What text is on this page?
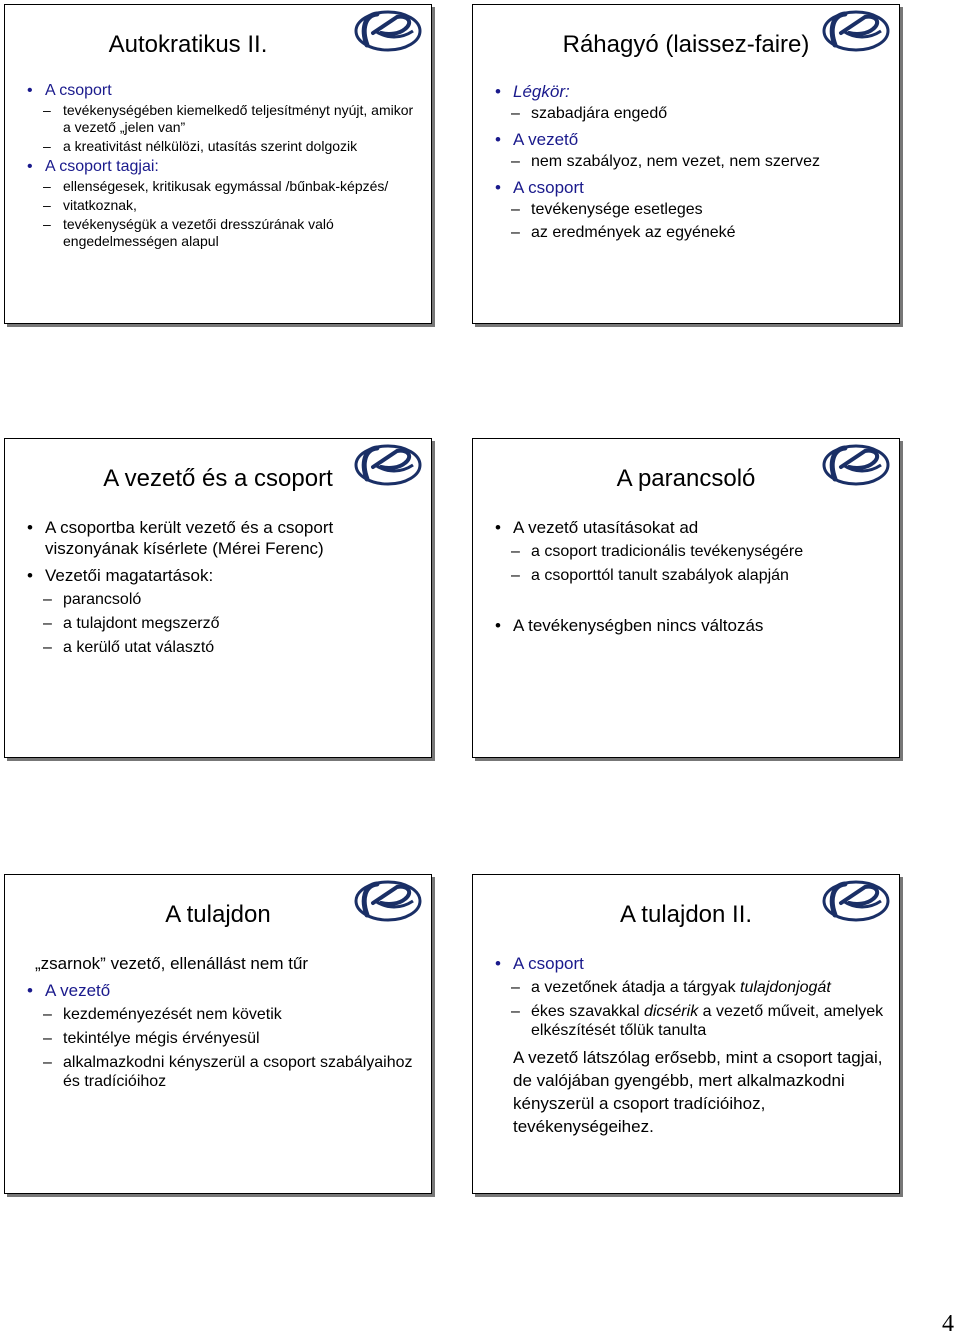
Autokratikus II.
• A csoport
– tevékenységében kiemelkedő teljesítményt nyújt, amikor a vezető „jelen van”
– a kreativitást nélkülözi, utasítás szerint dolgozik
• A csoport tagjai:
– ellenségesek, kritikusak egymással /bűnbak-képzés/
– vitatkoznak,
– tevékenységük a vezetői dresszúrának való engedelmességen alapul
Ráhagyó (laissez-faire)
• Légkör:
– szabadjára engedő
• A vezető
– nem szabályoz, nem vezet, nem szervez
• A csoport
– tevékenysége esetleges
– az eredmények az egyéneké
A vezető és a csoport
• A csoportba került vezető és a csoport viszonyának kísérlete (Mérei Ferenc)
• Vezetői magatartások:
– parancsoló
– a tulajdont megszerző
– a kerülő utat választó
A parancsoló
• A vezető utasításokat ad
– a csoport tradicionális tevékenységére
– a csoporttól tanult szabályok alapján
• A tevékenységben nincs változás
A tulajdon
„zsarnok” vezető, ellenállást nem tűr
• A vezető
– kezdeményezését nem követik
– tekintélye mégis érvényesül
– alkalmazkodni kényszerül a csoport szabályaihoz és tradícióihoz
A tulajdon II.
• A csoport
– a vezetőnek átadja a tárgyak tulajdonjogát
– ékes szavakkal dicsérik a vezető műveit, amelyek elkészítését tőlük tanulta
A vezető látszólag erősebb, mint a csoport tagjai, de valójában gyengébb, mert alkalmazkodni kényszerül a csoport tradícióihoz, tevékenységeihez.
4
